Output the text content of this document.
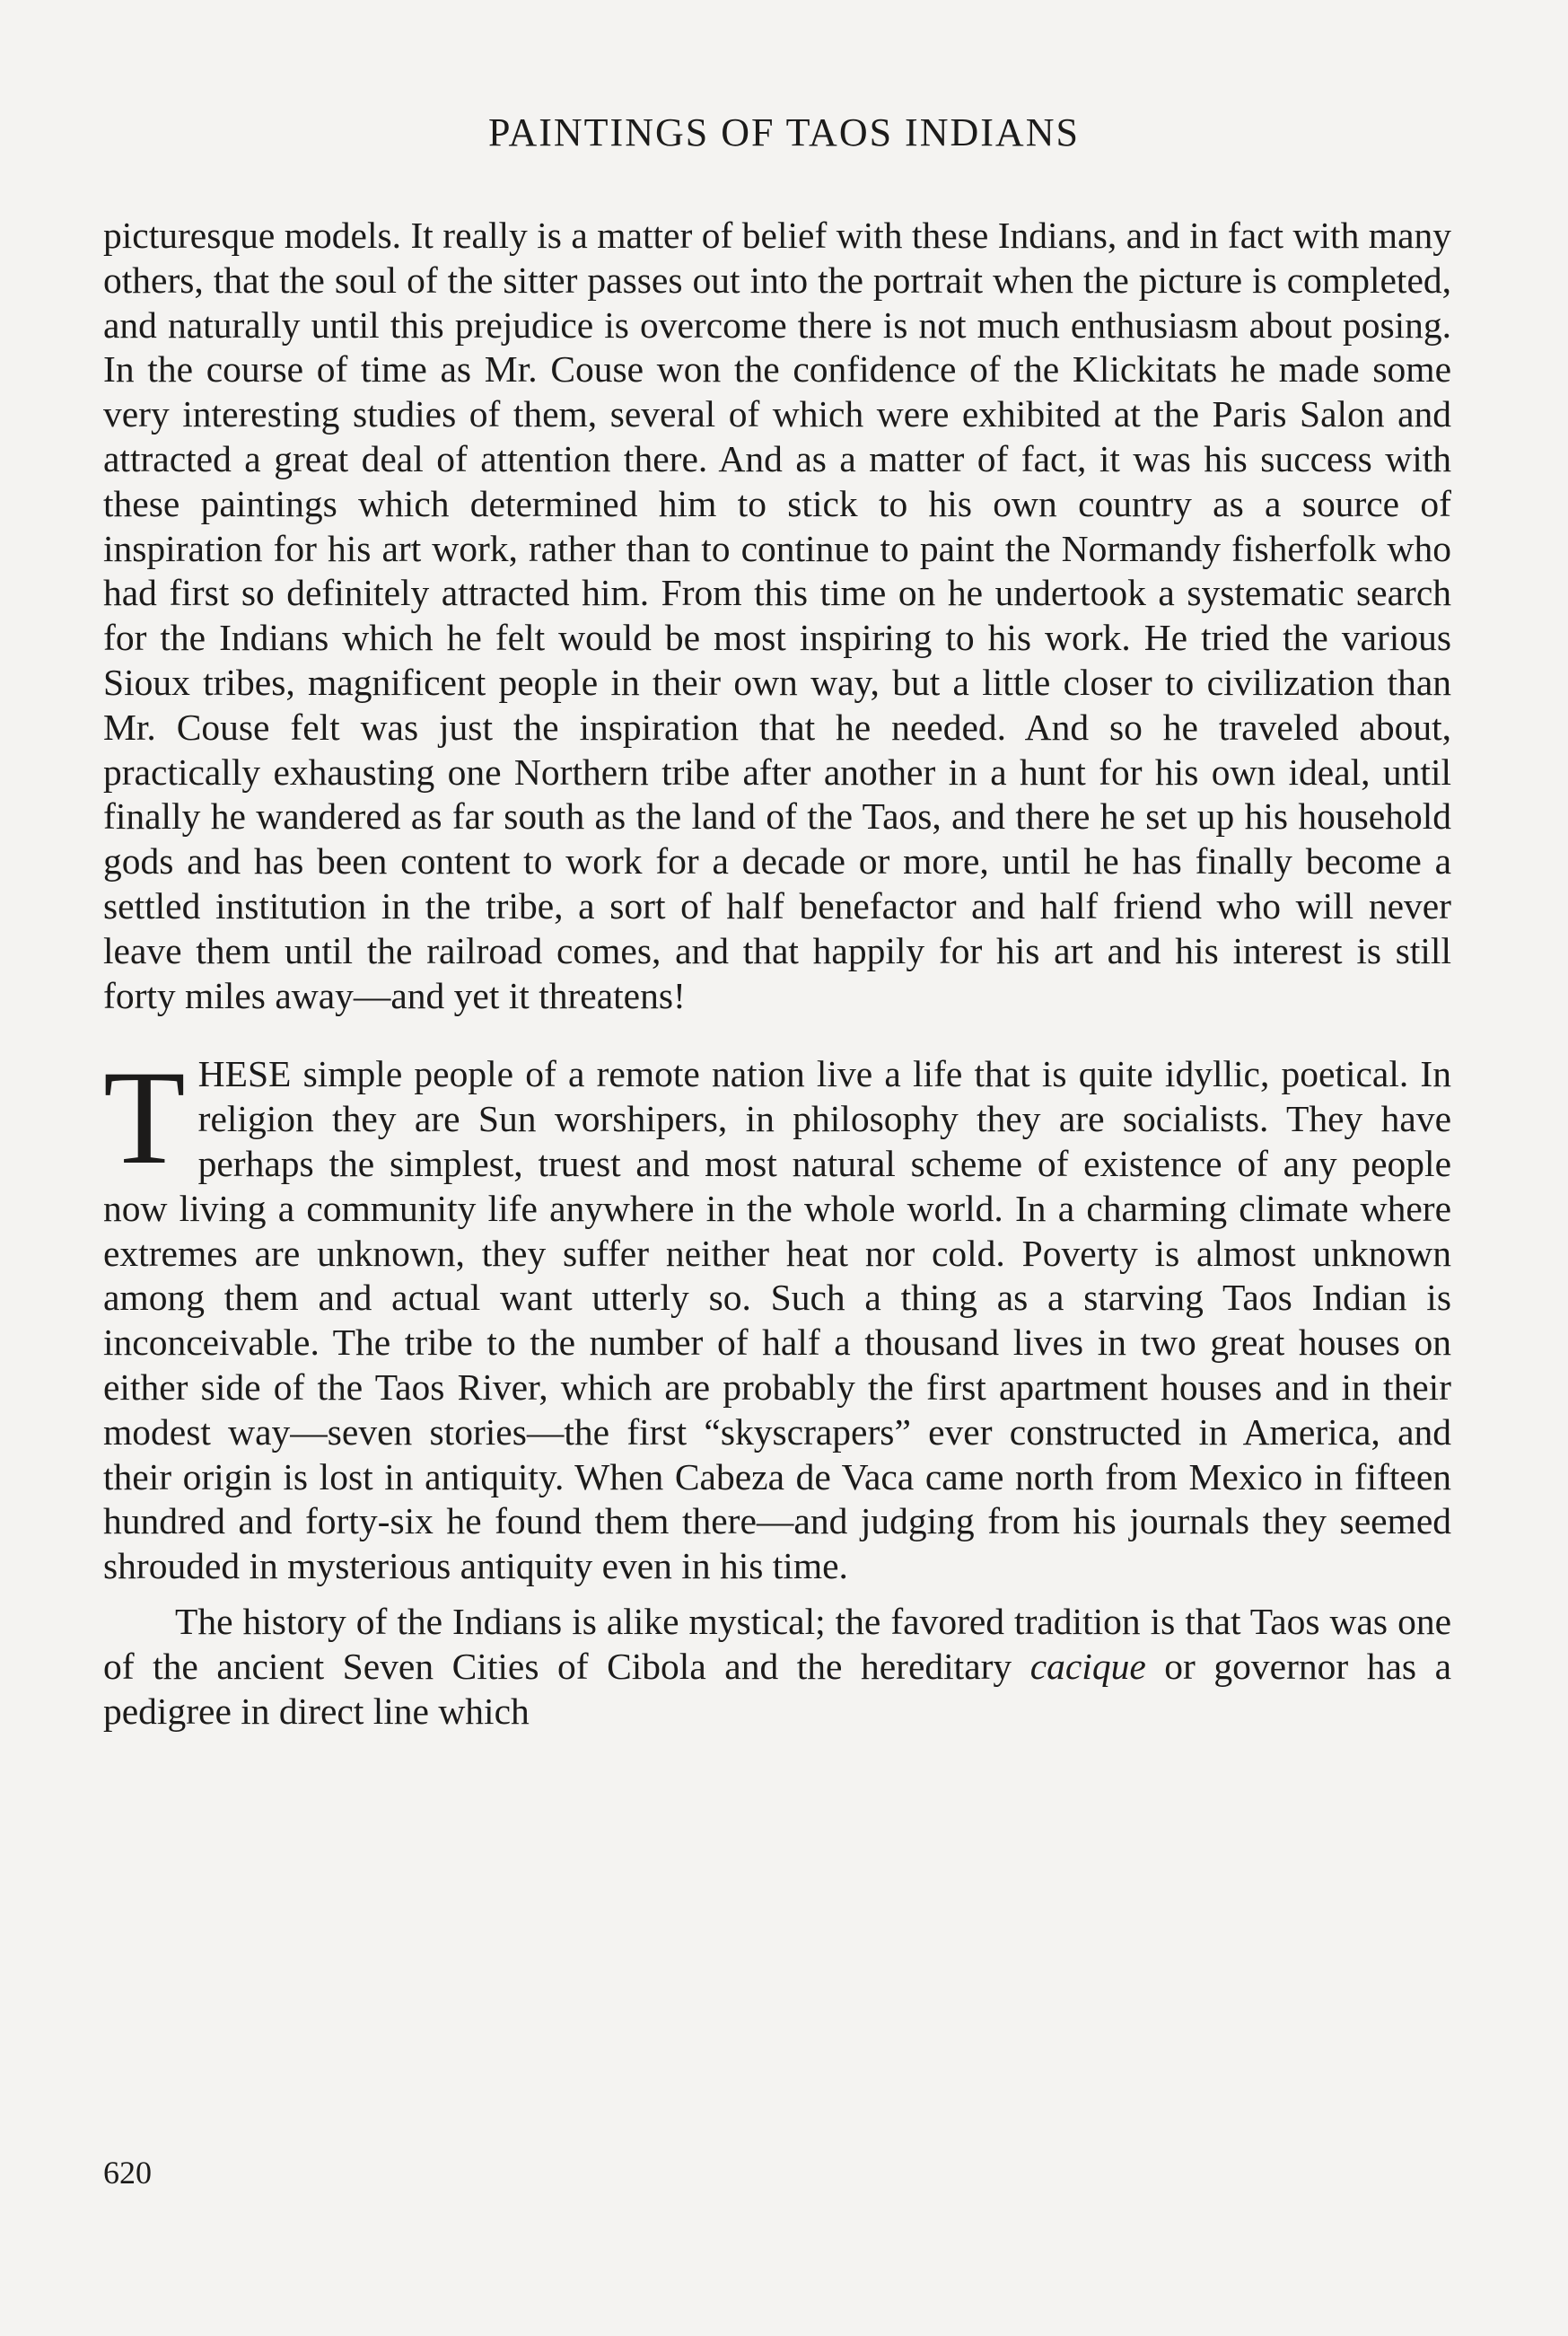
PAINTINGS OF TAOS INDIANS

picturesque models. It really is a matter of belief with these Indians, and in fact with many others, that the soul of the sitter passes out into the portrait when the picture is completed, and naturally until this prejudice is overcome there is not much enthusiasm about posing. In the course of time as Mr. Couse won the confidence of the Klickitats he made some very interesting studies of them, several of which were exhibited at the Paris Salon and attracted a great deal of attention there. And as a matter of fact, it was his success with these paintings which determined him to stick to his own country as a source of inspiration for his art work, rather than to continue to paint the Normandy fisherfolk who had first so definitely attracted him. From this time on he undertook a systematic search for the Indians which he felt would be most inspiring to his work. He tried the various Sioux tribes, magnificent people in their own way, but a little closer to civilization than Mr. Couse felt was just the inspiration that he needed. And so he traveled about, practically exhausting one Northern tribe after another in a hunt for his own ideal, until finally he wandered as far south as the land of the Taos, and there he set up his household gods and has been content to work for a decade or more, until he has finally become a settled institution in the tribe, a sort of half benefactor and half friend who will never leave them until the railroad comes, and that happily for his art and his interest is still forty miles away—and yet it threatens!

THESE simple people of a remote nation live a life that is quite idyllic, poetical. In religion they are Sun worshipers, in philosophy they are socialists. They have perhaps the simplest, truest and most natural scheme of existence of any people now living a community life anywhere in the whole world. In a charming climate where extremes are unknown, they suffer neither heat nor cold. Poverty is almost unknown among them and actual want utterly so. Such a thing as a starving Taos Indian is inconceivable. The tribe to the number of half a thousand lives in two great houses on either side of the Taos River, which are probably the first apartment houses and in their modest way—seven stories—the first “skyscrapers” ever constructed in America, and their origin is lost in antiquity. When Cabeza de Vaca came north from Mexico in fifteen hundred and forty-six he found them there—and judging from his journals they seemed shrouded in mysterious antiquity even in his time.

The history of the Indians is alike mystical; the favored tradition is that Taos was one of the ancient Seven Cities of Cibola and the hereditary cacique or governor has a pedigree in direct line which

620
